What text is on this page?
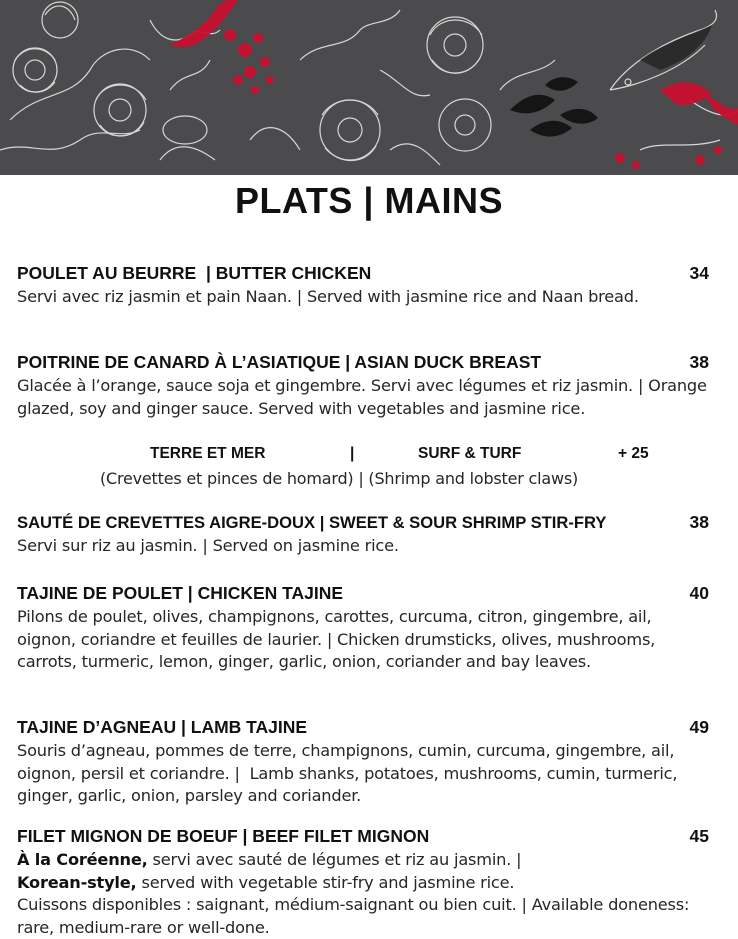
PLATS | MAINS
POULET AU BEURRE  | BUTTER CHICKEN	34
Servi avec riz jasmin et pain Naan. | Served with jasmine rice and Naan bread.
POITRINE DE CANARD À L’ASIATIQUE | ASIAN DUCK BREAST	38
Glacée à l’orange, sauce soja et gingembre. Servi avec légumes et riz jasmin. | Orange glazed, soy and ginger sauce. Served with vegetables and jasmine rice.
TERRE ET MER	|	SURF & TURF	+ 25
(Crevettes et pinces de homard) | (Shrimp and lobster claws)
SAUTÉ DE CREVETTES AIGRE-DOUX | SWEET & SOUR SHRIMP STIR-FRY	38
Servi sur riz au jasmin. | Served on jasmine rice.
TAJINE DE POULET | CHICKEN TAJINE	40
Pilons de poulet, olives, champignons, carottes, curcuma, citron, gingembre, ail, oignon, coriandre et feuilles de laurier. | Chicken drumsticks, olives, mushrooms, carrots, turmeric, lemon, ginger, garlic, onion, coriander and bay leaves.
TAJINE D’AGNEAU | LAMB TAJINE	49
Souris d’agneau, pommes de terre, champignons, cumin, curcuma, gingembre, ail, oignon, persil et coriandre. |  Lamb shanks, potatoes, mushrooms, cumin, turmeric, ginger, garlic, onion, parsley and coriander.
FILET MIGNON DE BOEUF | BEEF FILET MIGNON	45
À la Coréenne, servi avec sauté de légumes et riz au jasmin. |
Korean-style, served with vegetable stir-fry and jasmine rice.
Cuissons disponibles : saignant, médium-saignant ou bien cuit. | Available doneness: rare, medium-rare or well-done.
